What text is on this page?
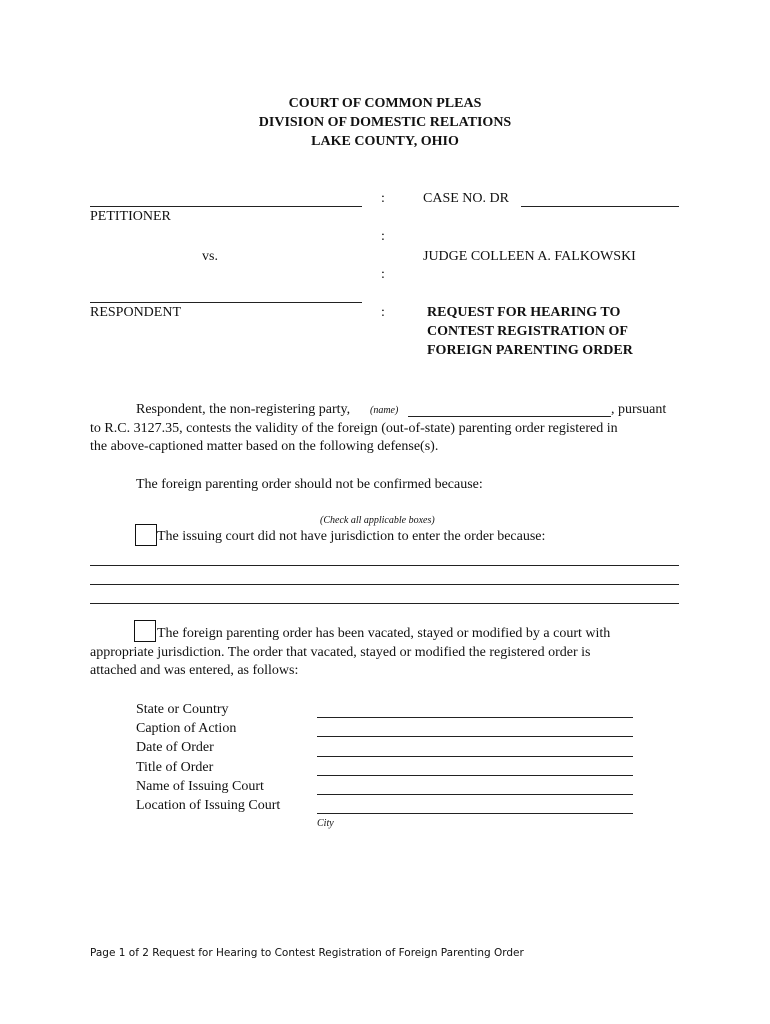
COURT OF COMMON PLEAS
DIVISION OF DOMESTIC RELATIONS
LAKE COUNTY, OHIO
PETITIONER
vs.
RESPONDENT
:
:
:
:
CASE NO. DR
JUDGE COLLEEN A. FALKOWSKI
REQUEST FOR HEARING TO
CONTEST REGISTRATION OF
FOREIGN PARENTING ORDER
Respondent, the non-registering party, (name)	, pursuant
to R.C. 3127.35, contests the validity of the foreign (out-of-state) parenting order registered in
the above-captioned matter based on the following defense(s).
The foreign parenting order should not be confirmed because:
(Check all applicable boxes)
The issuing court did not have jurisdiction to enter the order because:
The foreign parenting order has been vacated, stayed or modified by a court with
appropriate jurisdiction. The order that vacated, stayed or modified the registered order is
attached and was entered, as follows:
State or Country
Caption of Action
Date of Order
Title of Order
Name of Issuing Court
Location of Issuing Court
City
Page 1 of 2 Request for Hearing to Contest Registration of Foreign Parenting Order
